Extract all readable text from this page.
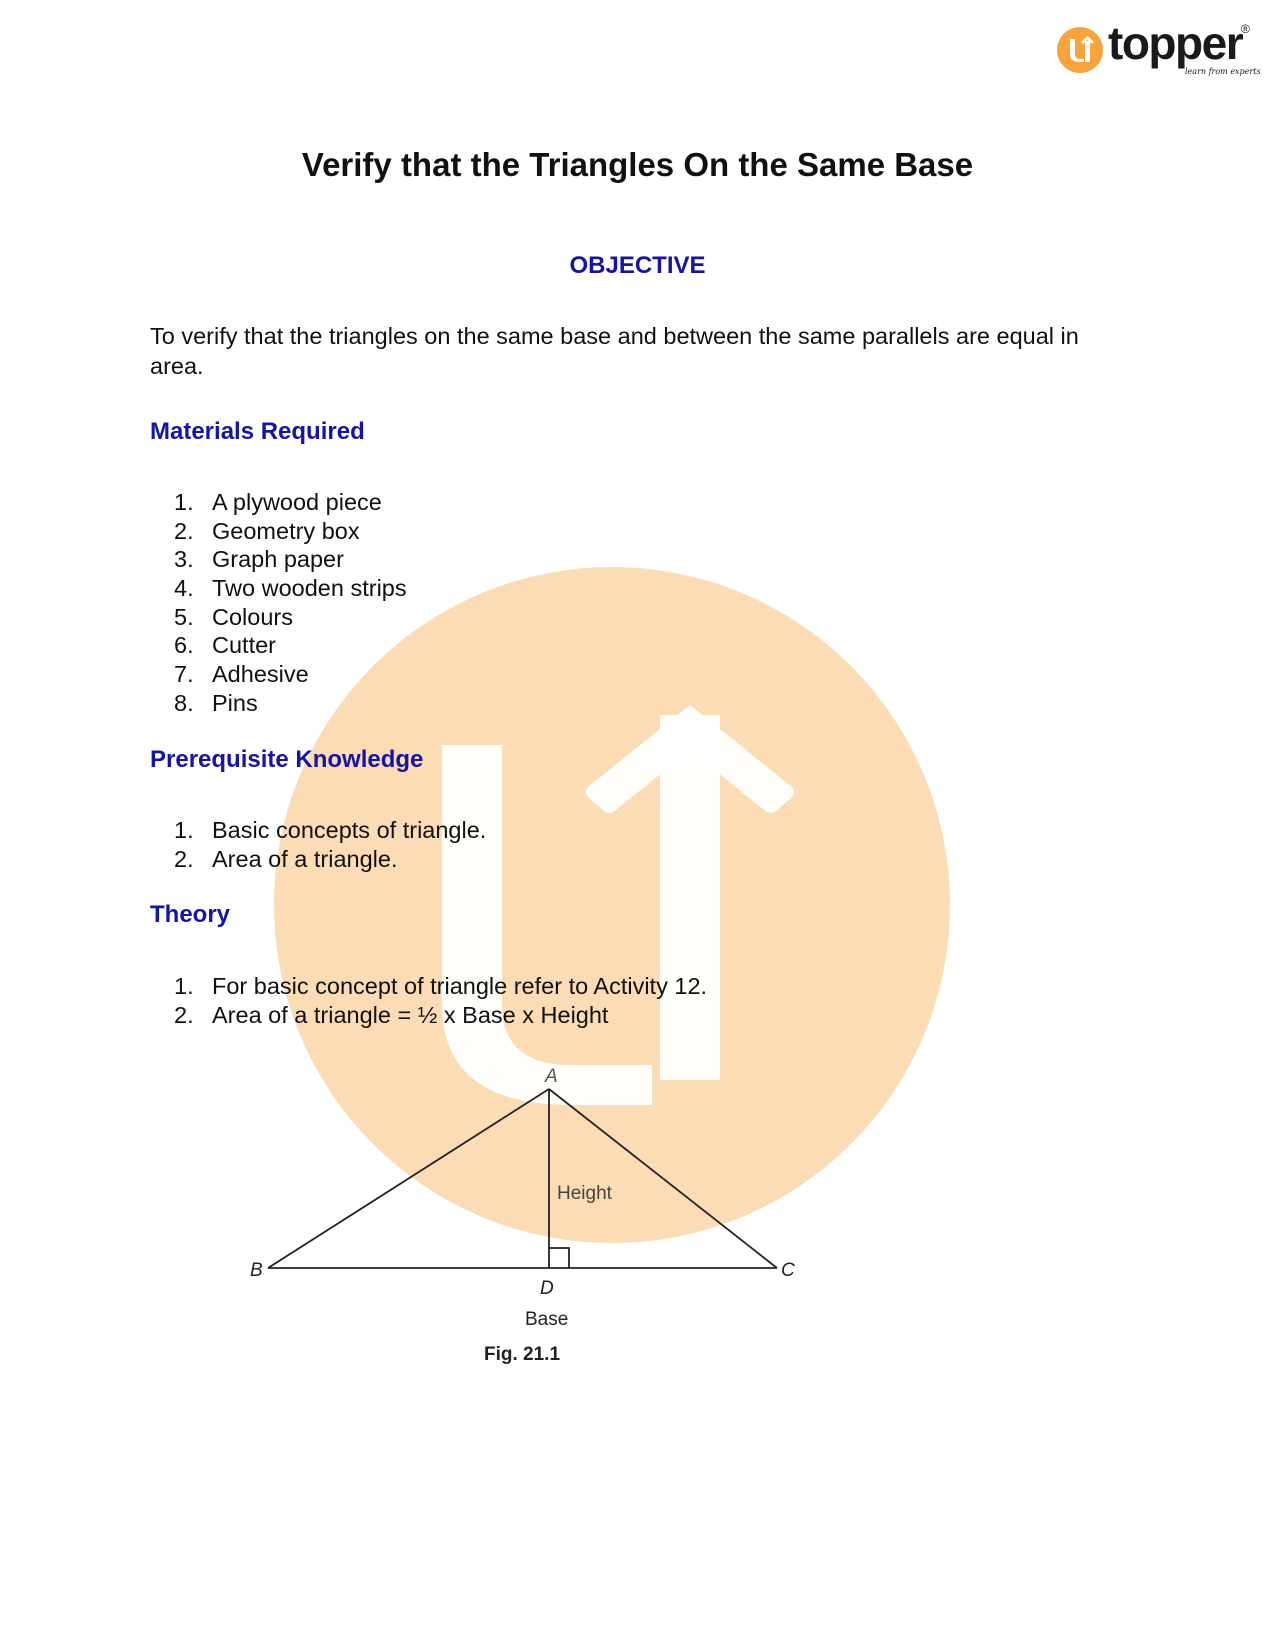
topper
®
learn from experts
Verify that the Triangles On the Same Base
OBJECTIVE
To verify that the triangles on the same base and between the same parallels are equal in area.
Materials Required
1. A plywood piece
2. Geometry box
3. Graph paper
4. Two wooden strips
5. Colours
6. Cutter
7. Adhesive
8. Pins
Prerequisite Knowledge
1. Basic concepts of triangle.
2. Area of a triangle.
Theory
1. For basic concept of triangle refer to Activity 12.
2. Area of a triangle = ½ x Base x Height
A
B	C
D
Height
Base
Fig. 21.1
